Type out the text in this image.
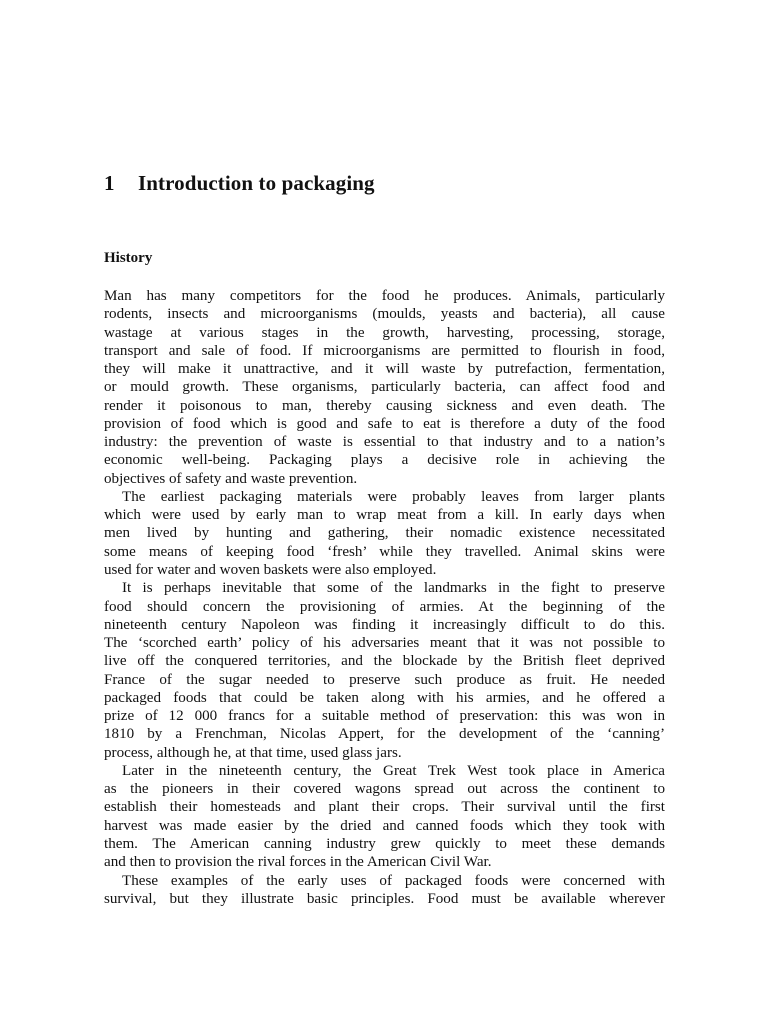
1 Introduction to packaging
History
Man has many competitors for the food he produces. Animals, particularly
rodents, insects and microorganisms (moulds, yeasts and bacteria), all cause
wastage at various stages in the growth, harvesting, processing, storage,
transport and sale of food. If microorganisms are permitted to flourish in food,
they will make it unattractive, and it will waste by putrefaction, fermentation,
or mould growth. These organisms, particularly bacteria, can affect food and
render it poisonous to man, thereby causing sickness and even death. The
provision of food which is good and safe to eat is therefore a duty of the food
industry: the prevention of waste is essential to that industry and to a nation’s
economic well-being. Packaging plays a decisive role in achieving the
objectives of safety and waste prevention.
The earliest packaging materials were probably leaves from larger plants
which were used by early man to wrap meat from a kill. In early days when
men lived by hunting and gathering, their nomadic existence necessitated
some means of keeping food ‘fresh’ while they travelled. Animal skins were
used for water and woven baskets were also employed.
It is perhaps inevitable that some of the landmarks in the fight to preserve
food should concern the provisioning of armies. At the beginning of the
nineteenth century Napoleon was finding it increasingly difficult to do this.
The ‘scorched earth’ policy of his adversaries meant that it was not possible to
live off the conquered territories, and the blockade by the British fleet deprived
France of the sugar needed to preserve such produce as fruit. He needed
packaged foods that could be taken along with his armies, and he offered a
prize of 12 000 francs for a suitable method of preservation: this was won in
1810 by a Frenchman, Nicolas Appert, for the development of the ‘canning’
process, although he, at that time, used glass jars.
Later in the nineteenth century, the Great Trek West took place in America
as the pioneers in their covered wagons spread out across the continent to
establish their homesteads and plant their crops. Their survival until the first
harvest was made easier by the dried and canned foods which they took with
them. The American canning industry grew quickly to meet these demands
and then to provision the rival forces in the American Civil War.
These examples of the early uses of packaged foods were concerned with
survival, but they illustrate basic principles. Food must be available wherever
